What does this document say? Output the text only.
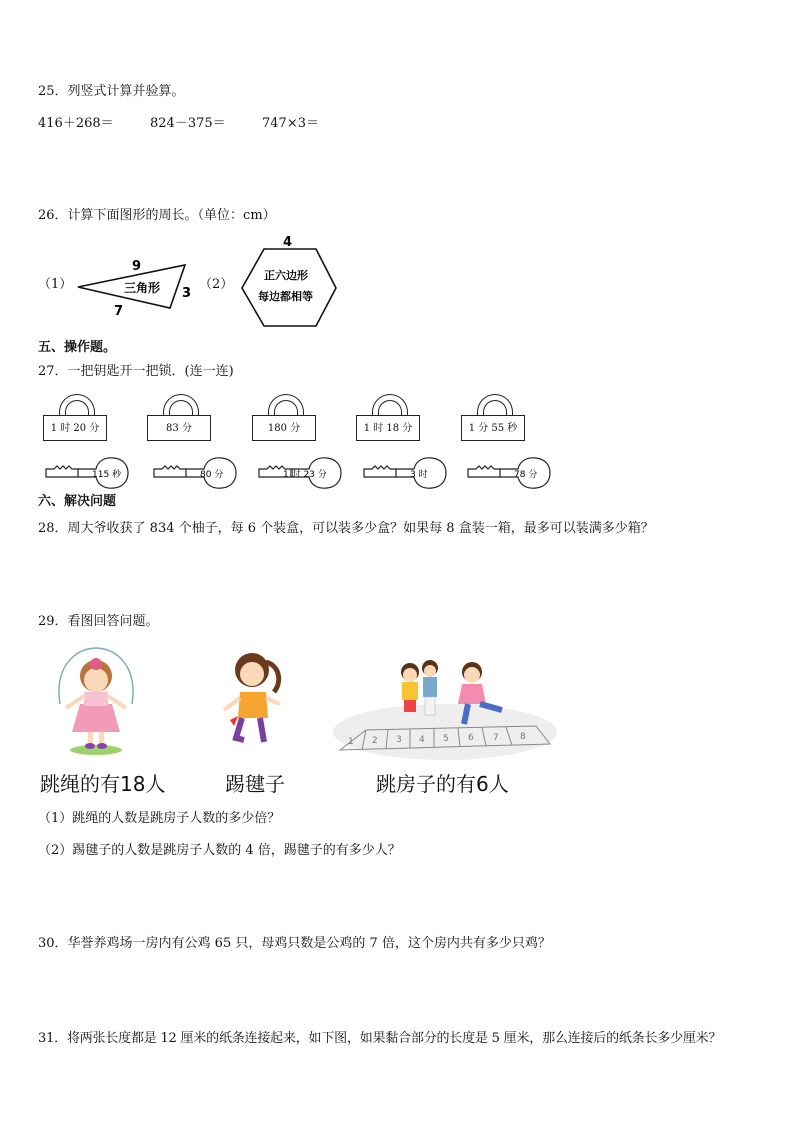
25．列竖式计算并验算。
416＋268＝	824－375＝	747×3＝
26．计算下面图形的周长。（单位：cm）
（1）
9
3
7
三角形	（2）
4
正六边形
每边都相等
五、操作题。
27．一把钥匙开一把锁．(连一连)
1 时 20 分	83 分	180 分	1 时 18 分	1 分 55 秒
115 秒	80 分	1 时 23 分	3 时	78 分
六、解决问题
28．周大爷收获了 834 个柚子，每 6 个装盒，可以装多少盒？如果每 8 盒装一箱，最多可以装满多少箱？
29．看图回答问题。
1 2 3 4 5 6 7 8
跳绳的有18人	踢毽子	跳房子的有6人
（1）跳绳的人数是跳房子人数的多少倍？
（2）踢毽子的人数是跳房子人数的 4 倍，踢毽子的有多少人？
30．华誉养鸡场一房内有公鸡 65 只，母鸡只数是公鸡的 7 倍，这个房内共有多少只鸡？
31．将两张长度都是 12 厘米的纸条连接起来，如下图，如果黏合部分的长度是 5 厘米，那么连接后的纸条长多少厘米？
